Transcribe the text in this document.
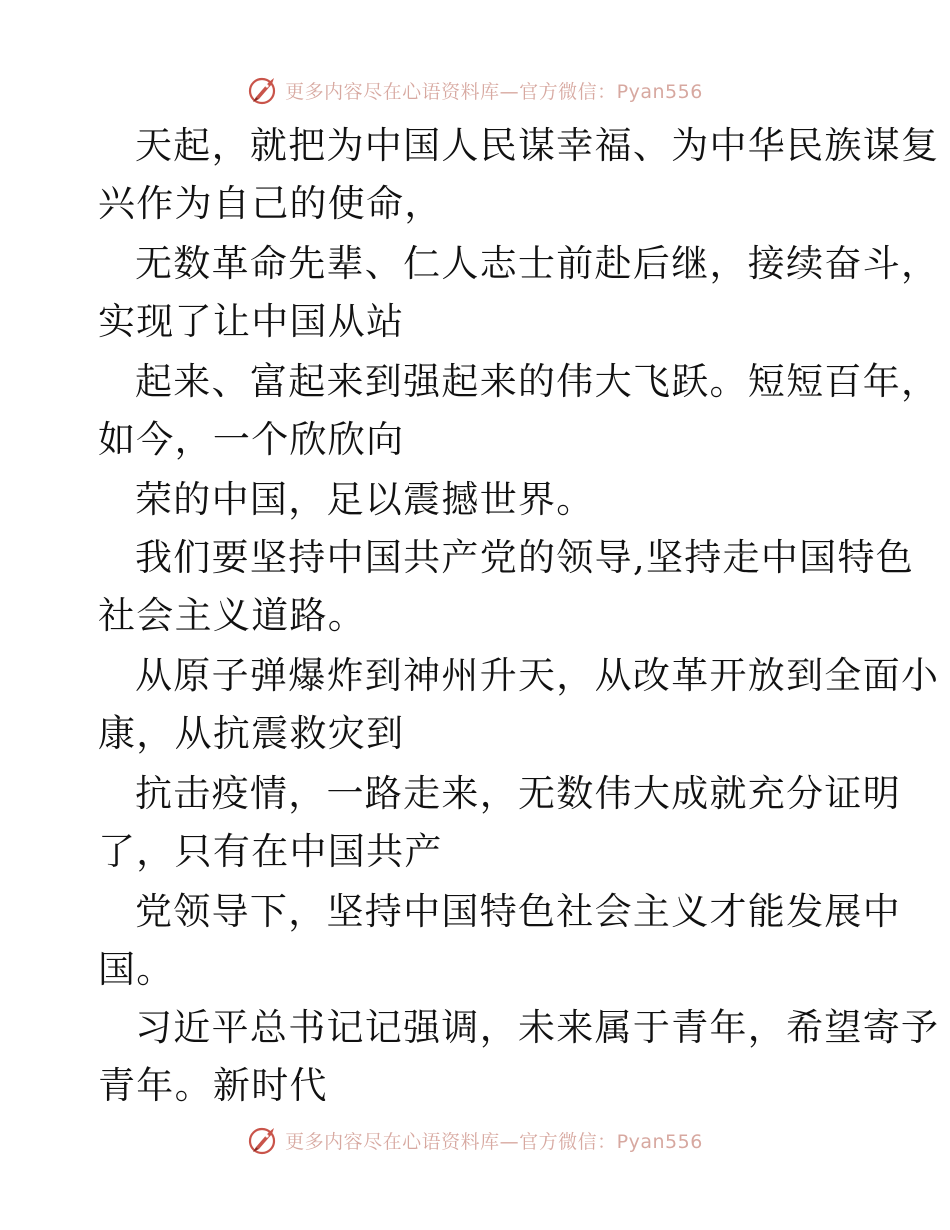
更多内容尽在心语资料库—官方微信：Pyan556
天起，就把为中国人民谋幸福、为中华民族谋复
兴作为自己的使命，
无数革命先辈、仁人志士前赴后继，接续奋斗，
实现了让中国从站
起来、富起来到强起来的伟大飞跃。短短百年，
如今，一个欣欣向
荣的中国，足以震撼世界。
我们要坚持中国共产党的领导,坚持走中国特色
社会主义道路。
从原子弹爆炸到神州升天，从改革开放到全面小
康，从抗震救灾到
抗击疫情，一路走来，无数伟大成就充分证明
了，只有在中国共产
党领导下，坚持中国特色社会主义才能发展中
国。
习近平总书记记强调，未来属于青年，希望寄予
青年。新时代
更多内容尽在心语资料库—官方微信：Pyan556
